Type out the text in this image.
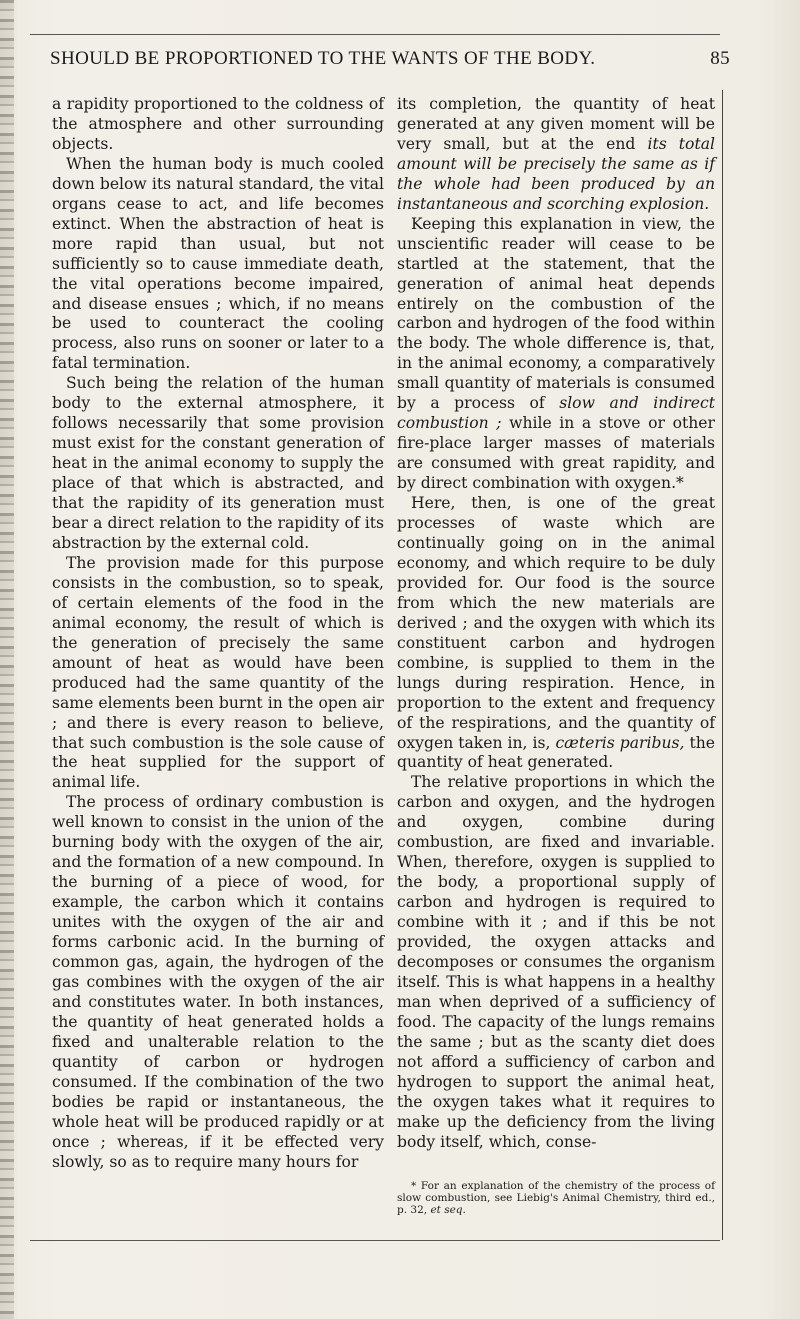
SHOULD BE PROPORTIONED TO THE WANTS OF THE BODY.	85

a rapidity proportioned to the coldness of the atmosphere and other surrounding objects.

When the human body is much cooled down below its natural standard, the vital organs cease to act, and life becomes extinct. When the abstraction of heat is more rapid than usual, but not sufficiently so to cause immediate death, the vital operations become impaired, and disease ensues ; which, if no means be used to counteract the cooling process, also runs on sooner or later to a fatal termination.

Such being the relation of the human body to the external atmosphere, it follows necessarily that some provision must exist for the constant generation of heat in the animal economy to supply the place of that which is abstracted, and that the rapidity of its generation must bear a direct relation to the rapidity of its abstraction by the external cold.

The provision made for this purpose consists in the combustion, so to speak, of certain elements of the food in the animal economy, the result of which is the generation of precisely the same amount of heat as would have been produced had the same quantity of the same elements been burnt in the open air ; and there is every reason to believe, that such combustion is the sole cause of the heat supplied for the support of animal life.

The process of ordinary combustion is well known to consist in the union of the burning body with the oxygen of the air, and the formation of a new compound. In the burning of a piece of wood, for example, the carbon which it contains unites with the oxygen of the air and forms carbonic acid. In the burning of common gas, again, the hydrogen of the gas combines with the oxygen of the air and constitutes water. In both instances, the quantity of heat generated holds a fixed and unalterable relation to the quantity of carbon or hydrogen consumed. If the combination of the two bodies be rapid or instantaneous, the whole heat will be produced rapidly or at once ; whereas, if it be effected very slowly, so as to require many hours for

its completion, the quantity of heat generated at any given moment will be very small, but at the end its total amount will be precisely the same as if the whole had been produced by an instantaneous and scorching explosion.

Keeping this explanation in view, the unscientific reader will cease to be startled at the statement, that the generation of animal heat depends entirely on the combustion of the carbon and hydrogen of the food within the body. The whole difference is, that, in the animal economy, a comparatively small quantity of materials is consumed by a process of slow and indirect combustion ; while in a stove or other fire-place larger masses of materials are consumed with great rapidity, and by direct combination with oxygen.*

Here, then, is one of the great processes of waste which are continually going on in the animal economy, and which require to be duly provided for. Our food is the source from which the new materials are derived ; and the oxygen with which its constituent carbon and hydrogen combine, is supplied to them in the lungs during respiration. Hence, in proportion to the extent and frequency of the respirations, and the quantity of oxygen taken in, is, cæteris paribus, the quantity of heat generated.

The relative proportions in which the carbon and oxygen, and the hydrogen and oxygen, combine during combustion, are fixed and invariable. When, therefore, oxygen is supplied to the body, a proportional supply of carbon and hydrogen is required to combine with it ; and if this be not provided, the oxygen attacks and decomposes or consumes the organism itself. This is what happens in a healthy man when deprived of a sufficiency of food. The capacity of the lungs remains the same ; but as the scanty diet does not afford a sufficiency of carbon and hydrogen to support the animal heat, the oxygen takes what it requires to make up the deficiency from the living body itself, which, conse-

* For an explanation of the chemistry of the process of slow combustion, see Liebig's Animal Chemistry, third ed., p. 32, et seq.
